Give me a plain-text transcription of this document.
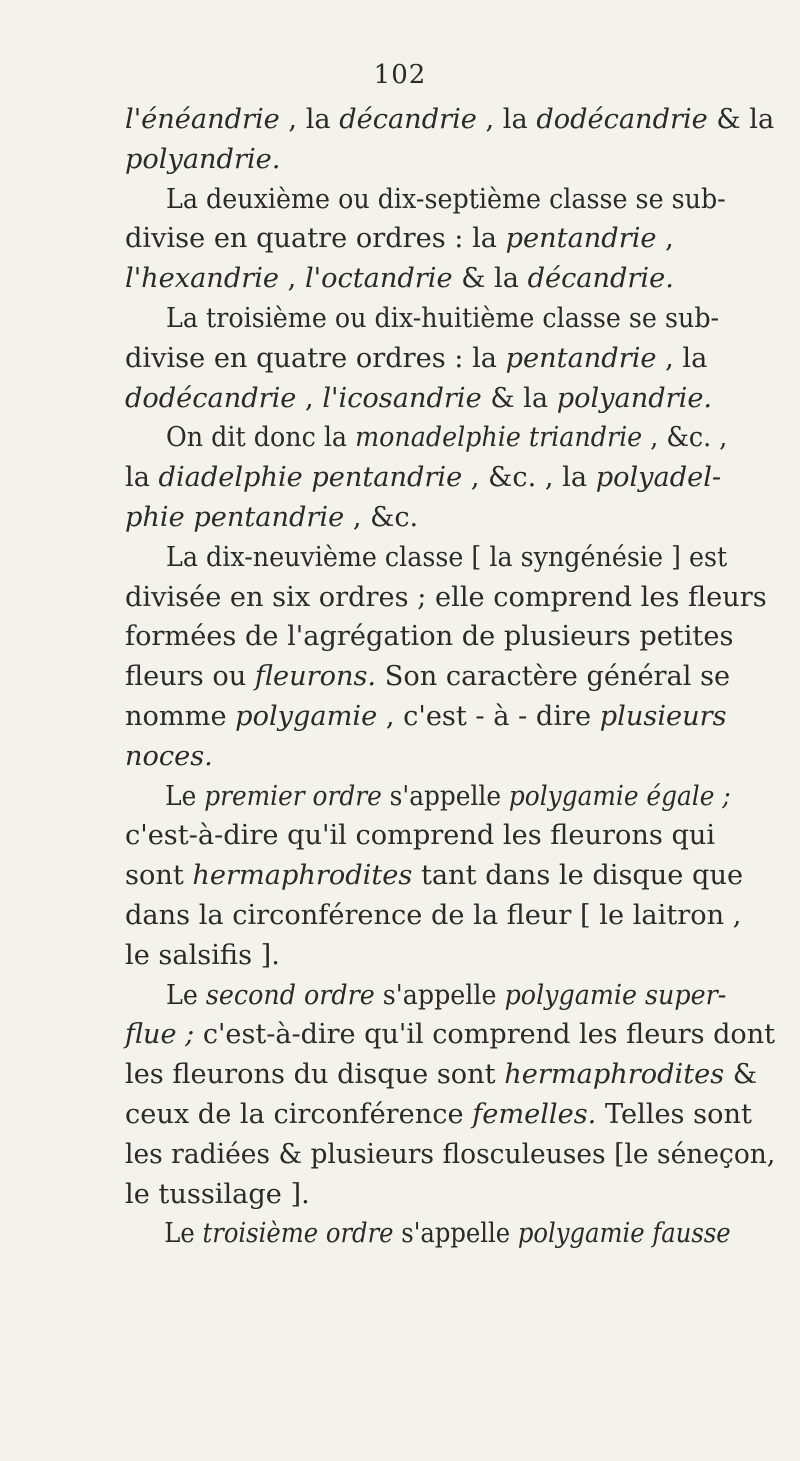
102
l'énéandrie , la décandrie , la dodécandrie & la
polyandrie.
La deuxième ou dix-septième classe se sub-
divise en quatre ordres : la pentandrie ,
l'hexandrie , l'octandrie & la décandrie.
La troisième ou dix-huitième classe se sub-
divise en quatre ordres : la pentandrie , la
dodécandrie , l'icosandrie & la polyandrie.
On dit donc la monadelphie triandrie , &c. ,
la diadelphie pentandrie , &c. , la polyadel-
phie pentandrie , &c.
La dix-neuvième classe [ la syngénésie ] est
divisée en six ordres ; elle comprend les fleurs
formées de l'agrégation de plusieurs petites
fleurs ou fleurons. Son caractère général se
nomme polygamie , c'est - à - dire plusieurs
noces.
Le premier ordre s'appelle polygamie égale ;
c'est-à-dire qu'il comprend les fleurons qui
sont hermaphrodites tant dans le disque que
dans la circonférence de la fleur [ le laitron ,
le salsifis ].
Le second ordre s'appelle polygamie super-
flue ; c'est-à-dire qu'il comprend les fleurs dont
les fleurons du disque sont hermaphrodites &
ceux de la circonférence femelles. Telles sont
les radiées & plusieurs flosculeuses [le séneçon,
le tussilage ].
Le troisième ordre s'appelle polygamie fausse
